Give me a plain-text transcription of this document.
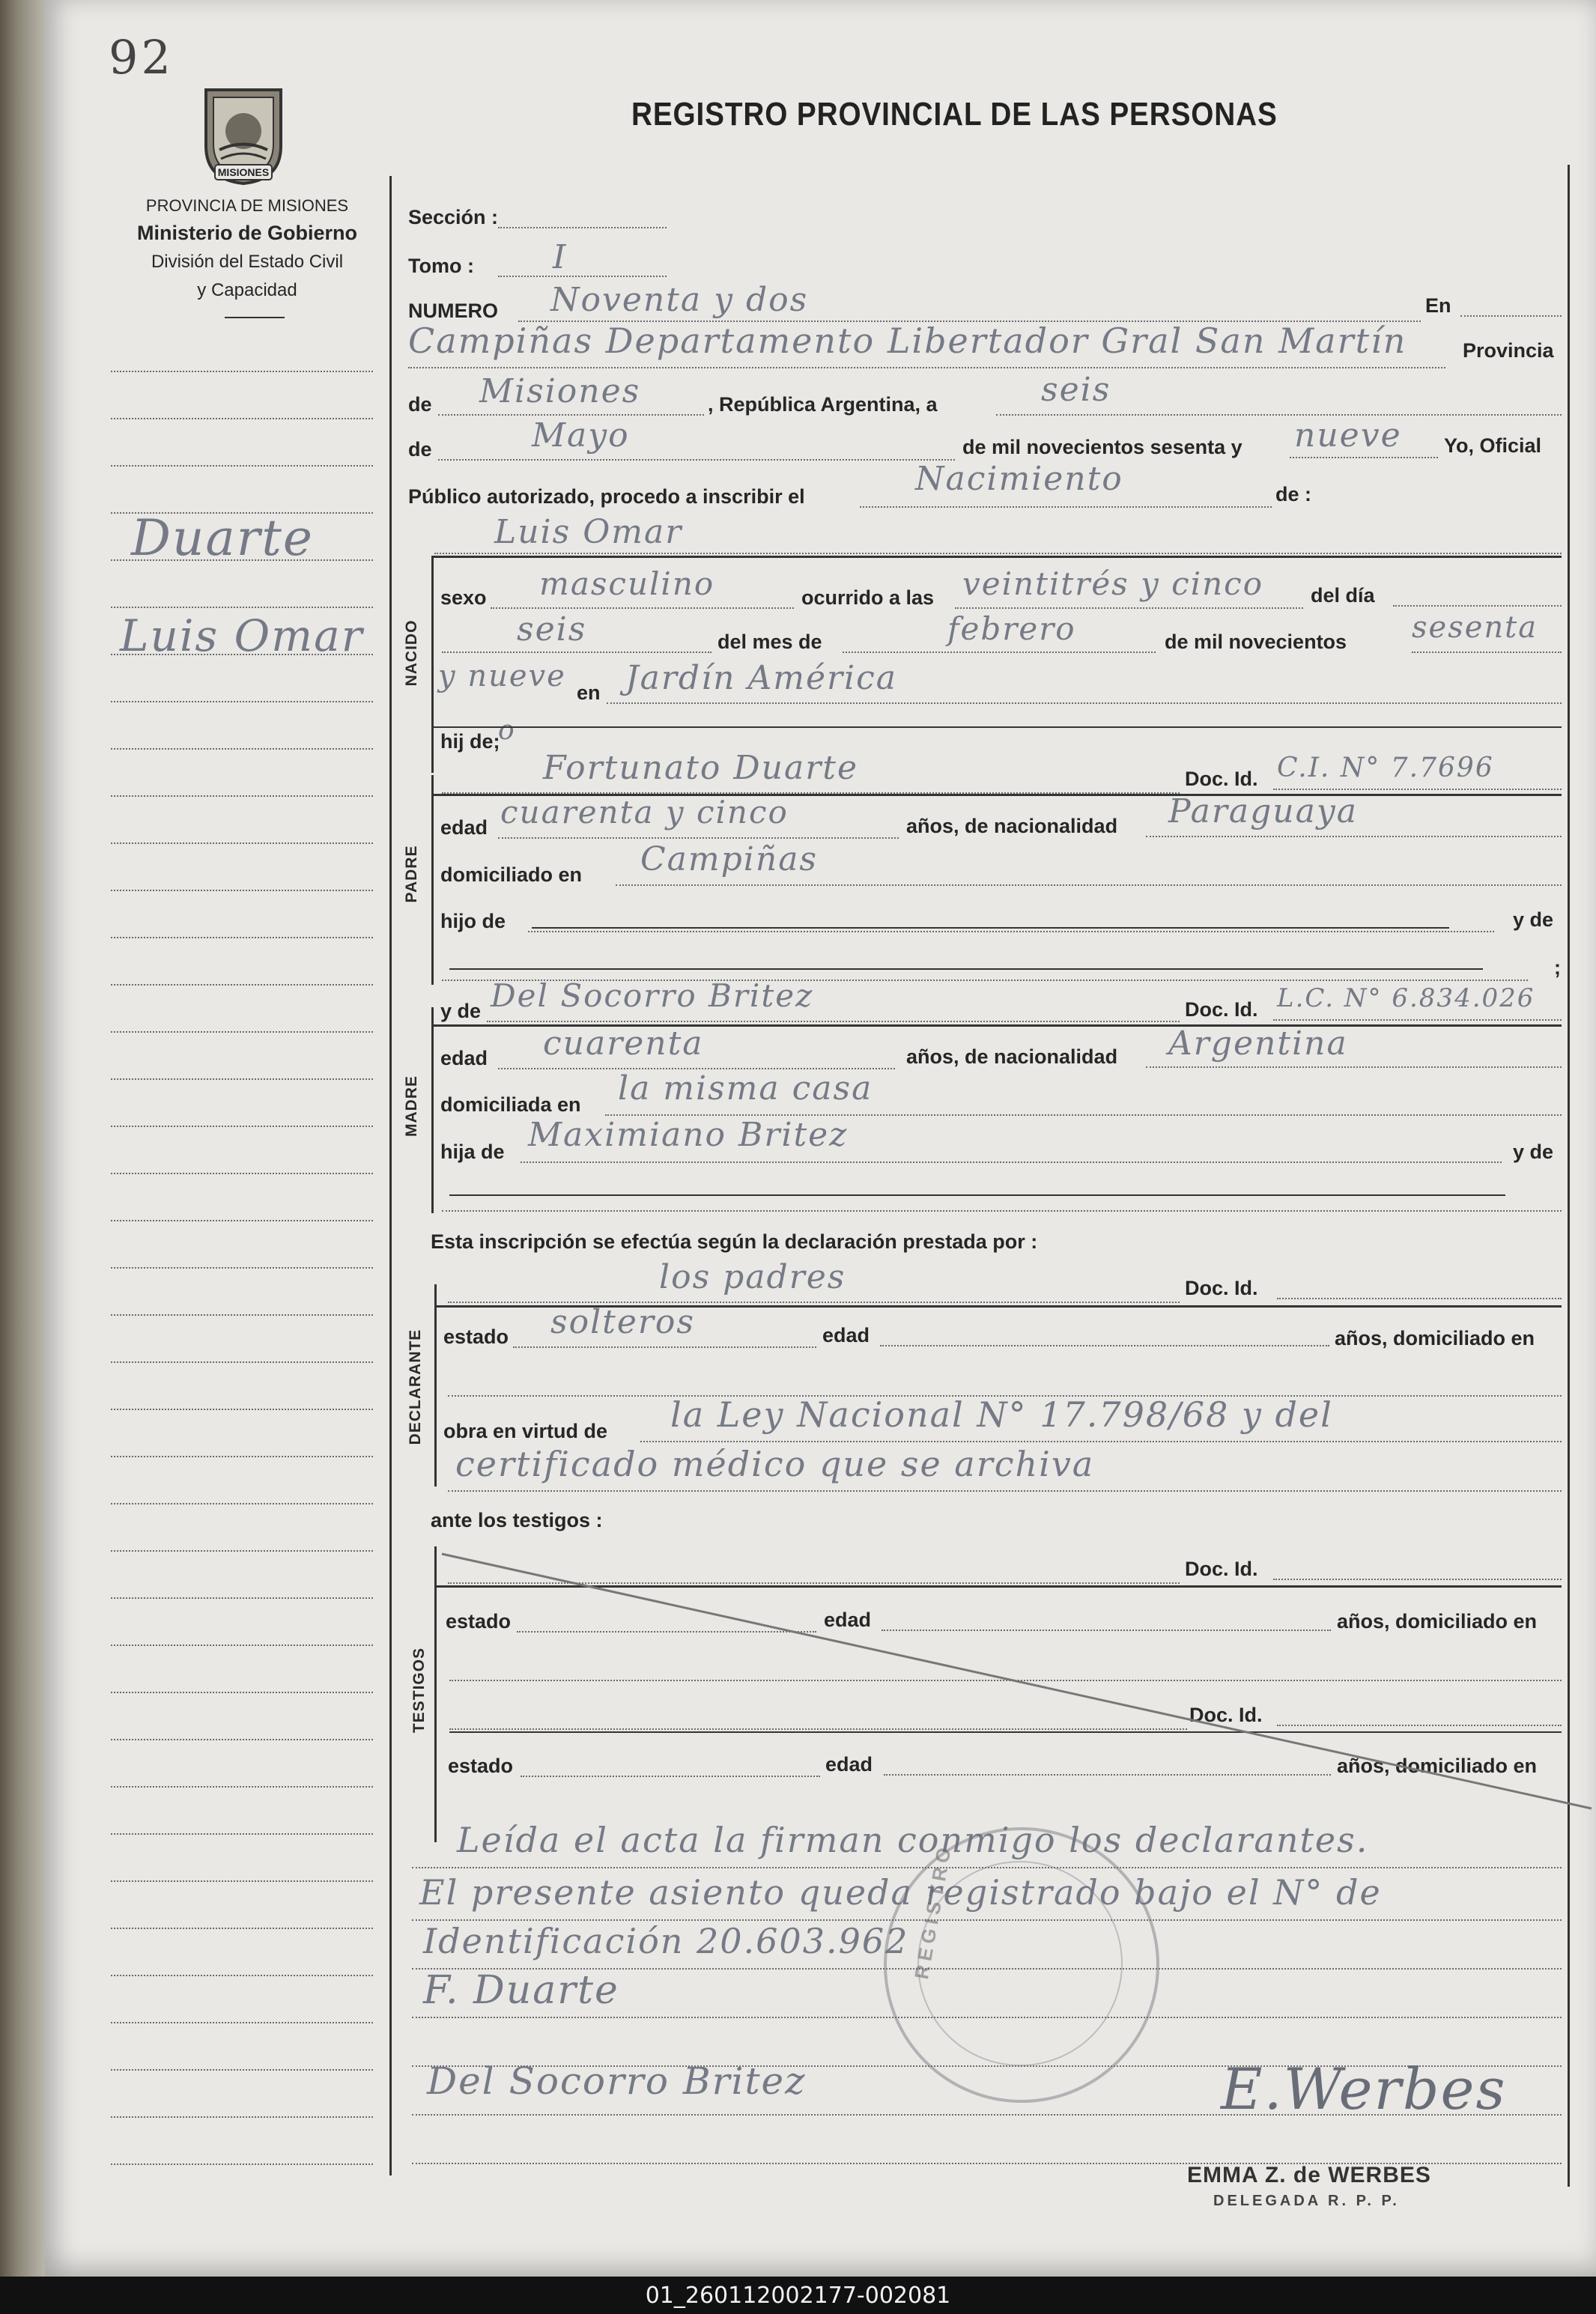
92
MISIONES
PROVINCIA DE MISIONES
Ministerio de Gobierno
División del Estado Civil
y Capacidad
REGISTRO PROVINCIAL DE LAS PERSONAS
Duarte
Luis Omar
Sección :
Tomo : I
NUMERO Noventa y dos	En
Campiñas Departamento Libertador Gral San Martín	Provincia
de Misiones	, República Argentina, a	seis
de	Mayo	de mil novecientos sesenta y nueve Yo, Oficial
Público autorizado, procedo a inscribir el	Nacimiento	de :
Luis Omar
NACIDO
sexo masculino	ocurrido a las veintitrés y cinco del día
seis	del mes de	febrero	de mil novecientos sesenta
y nueve en Jardín América
hij de;
o
Fortunato Duarte	Doc. Id. C.I. N° 7.7696
PADRE
edad cuarenta y cinco	años, de nacionalidad Paraguaya
domiciliado en Campiñas
hijo de	y de
;
y de Del Socorro Britez	Doc. Id. L.C. N° 6.834.026
MADRE
edad cuarenta	años, de nacionalidad Argentina
domiciliada en la misma casa
hija de Maximiano Britez	y de
Esta inscripción se efectúa según la declaración prestada por :
los padres	Doc. Id.
DECLARANTE estado solteros	edad	años, domiciliado en
obra en virtud de la Ley Nacional N° 17.798/68 y del
certificado médico que se archiva
ante los testigos :
Doc. Id.
TESTIGOS
estado	edad	años, domiciliado en
Doc. Id.
estado	edad	años, domiciliado en
Leída el acta la firman conmigo los declarantes.
El presente asiento queda registrado bajo el N° de
Identificación 20.603.962
F. Duarte
Del Socorro Britez	E.Werbes
REGISTRO
EMMA Z. de WERBES
DELEGADA R. P. P.
01_260112002177-002081
